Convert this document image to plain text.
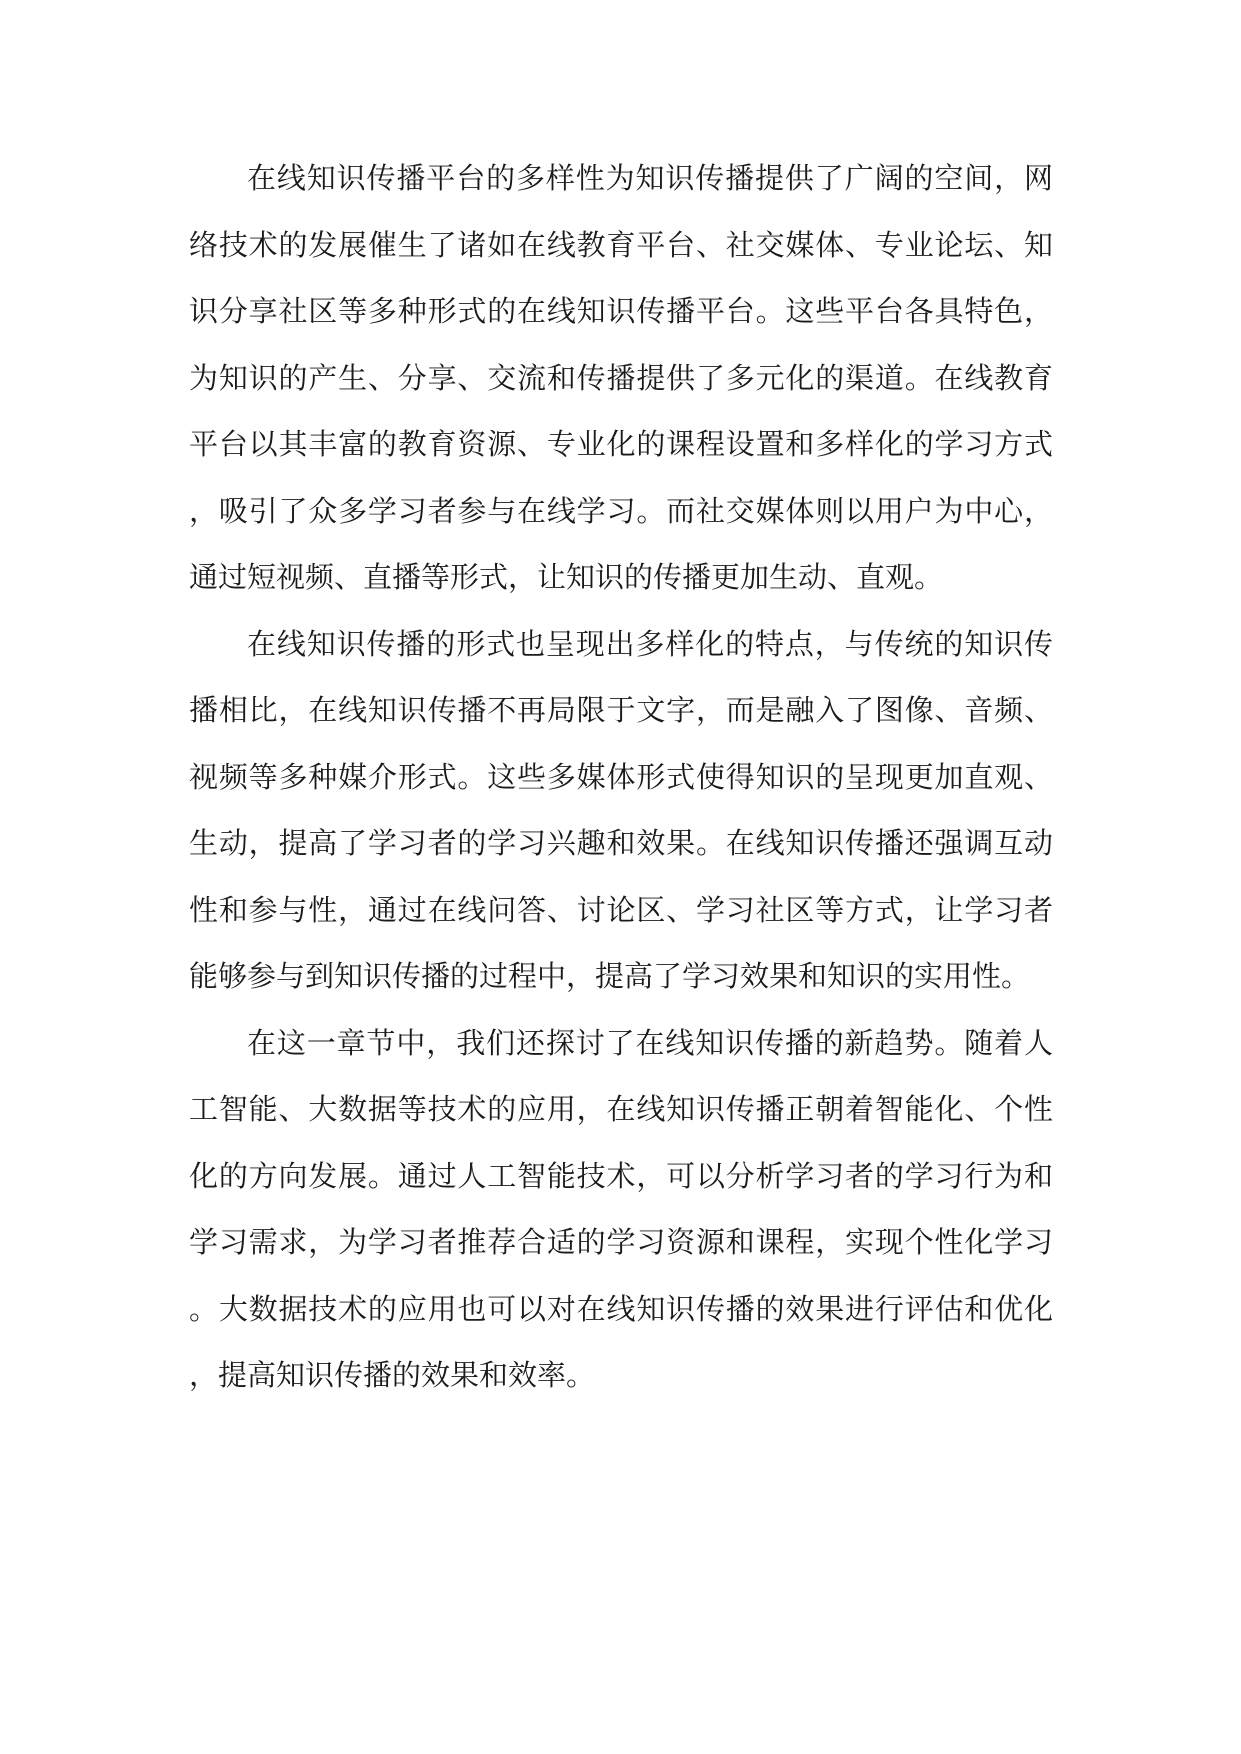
在线知识传播平台的多样性为知识传播提供了广阔的空间，网络技术的发展催生了诸如在线教育平台、社交媒体、专业论坛、知识分享社区等多种形式的在线知识传播平台。这些平台各具特色，为知识的产生、分享、交流和传播提供了多元化的渠道。在线教育平台以其丰富的教育资源、专业化的课程设置和多样化的学习方式，吸引了众多学习者参与在线学习。而社交媒体则以用户为中心，通过短视频、直播等形式，让知识的传播更加生动、直观。

在线知识传播的形式也呈现出多样化的特点，与传统的知识传播相比，在线知识传播不再局限于文字，而是融入了图像、音频、视频等多种媒介形式。这些多媒体形式使得知识的呈现更加直观、生动，提高了学习者的学习兴趣和效果。在线知识传播还强调互动性和参与性，通过在线问答、讨论区、学习社区等方式，让学习者能够参与到知识传播的过程中，提高了学习效果和知识的实用性。

在这一章节中，我们还探讨了在线知识传播的新趋势。随着人工智能、大数据等技术的应用，在线知识传播正朝着智能化、个性化的方向发展。通过人工智能技术，可以分析学习者的学习行为和学习需求，为学习者推荐合适的学习资源和课程，实现个性化学习。大数据技术的应用也可以对在线知识传播的效果进行评估和优化，提高知识传播的效果和效率。
